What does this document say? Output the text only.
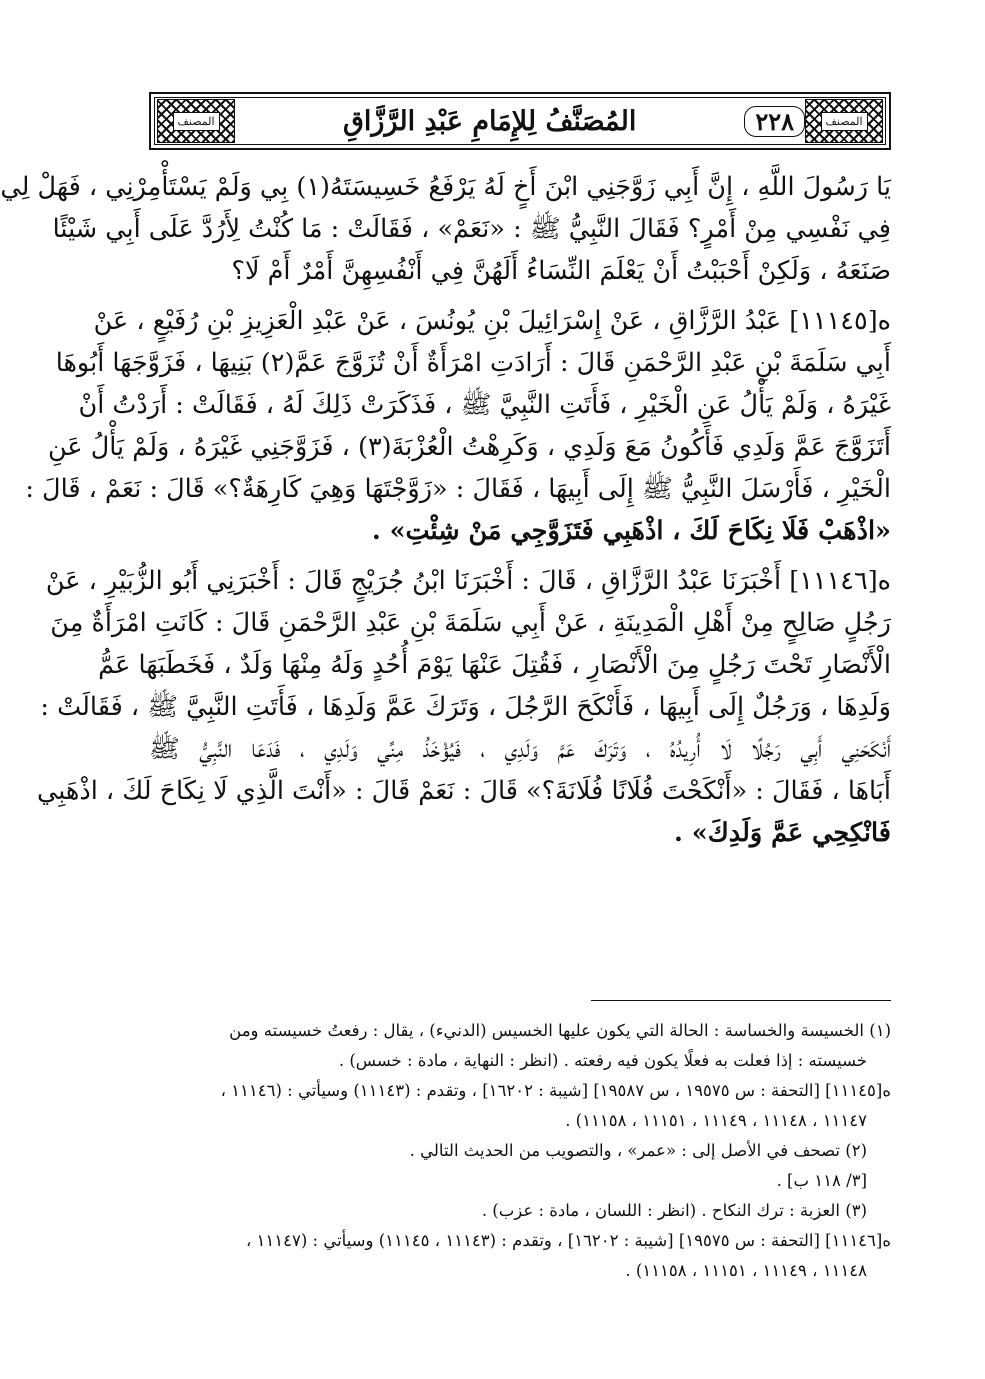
المصنف
٢٢٨
المُصَنَّفُ لِلإِمَامِ عَبْدِ الرَّزَّاقِ
المصنف
يَا رَسُولَ اللَّهِ ، إِنَّ أَبِي زَوَّجَنِي ابْنَ أَخٍ لَهُ يَرْفَعُ خَسِيسَتَهُ(١) بِي وَلَمْ يَسْتَأْمِرْنِي ، فَهَلْ لِي
فِي نَفْسِي مِنْ أَمْرٍ؟ فَقَالَ النَّبِيُّ ﷺ : «نَعَمْ» ، فَقَالَتْ : مَا كُنْتُ لِأَرُدَّ عَلَى أَبِي شَيْئًا
صَنَعَهُ ، وَلَكِنْ أَحْبَبْتُ أَنْ يَعْلَمَ النِّسَاءُ أَلَهُنَّ فِي أَنْفُسِهِنَّ أَمْرٌ أَمْ لَا؟
ه[١١١٤٥] عَبْدُ الرَّزَّاقِ ، عَنْ إِسْرَائِيلَ بْنِ يُونُسَ ، عَنْ عَبْدِ الْعَزِيزِ بْنِ رُفَيْعٍ ، عَنْ
أَبِي سَلَمَةَ بْنِ عَبْدِ الرَّحْمَنِ قَالَ : أَرَادَتِ امْرَأَةٌ أَنْ تُزَوَّجَ عَمَّ(٢) بَنِيهَا ، فَزَوَّجَهَا أَبُوهَا
غَيْرَهُ ، وَلَمْ يَأْلُ عَنِ الْخَيْرِ ، فَأَتَتِ النَّبِيَّ ﷺ ، فَذَكَرَتْ ذَلِكَ لَهُ ، فَقَالَتْ : أَرَدْتُ أَنْ
أَتَزَوَّجَ عَمَّ وَلَدِي فَأَكُونُ مَعَ وَلَدِي ، وَكَرِهْتُ الْعُزْبَةَ(٣) ، فَزَوَّجَنِي غَيْرَهُ ، وَلَمْ يَأْلُ عَنِ
الْخَيْرِ ، فَأَرْسَلَ النَّبِيُّ ﷺ إِلَى أَبِيهَا ، فَقَالَ : «زَوَّجْتَهَا وَهِيَ كَارِهَةٌ؟» قَالَ : نَعَمْ ، قَالَ :
«اذْهَبْ فَلَا نِكَاحَ لَكَ ، اذْهَبِي فَتَزَوَّجِي مَنْ شِئْتِ» .
ه[١١١٤٦] أَخْبَرَنَا عَبْدُ الرَّزَّاقِ ، قَالَ : أَخْبَرَنَا ابْنُ جُرَيْجٍ قَالَ : أَخْبَرَنِي أَبُو الزُّبَيْرِ ، عَنْ
رَجُلٍ صَالِحٍ مِنْ أَهْلِ الْمَدِينَةِ ، عَنْ أَبِي سَلَمَةَ بْنِ عَبْدِ الرَّحْمَنِ قَالَ : كَانَتِ امْرَأَةٌ مِنَ
الْأَنْصَارِ تَحْتَ رَجُلٍ مِنَ الْأَنْصَارِ ، فَقُتِلَ عَنْهَا يَوْمَ أُحُدٍ وَلَهُ مِنْهَا وَلَدٌ ، فَخَطَبَهَا عَمُّ
وَلَدِهَا ، وَرَجُلٌ إِلَى أَبِيهَا ، فَأَنْكَحَ الرَّجُلَ ، وَتَرَكَ عَمَّ وَلَدِهَا ، فَأَتَتِ النَّبِيَّ ﷺ ، فَقَالَتْ :
أَنْكَحَنِي أَبِي رَجُلًا لَا أُرِيدُهُ ، وَتَرَكَ عَمَّ وَلَدِي ، فَيُؤْخَذُ مِنِّي وَلَدِي ، فَدَعَا النَّبِيُّ ﷺ
أَبَاهَا ، فَقَالَ : «أَنْكَحْتَ فُلَانًا فُلَانَةَ؟» قَالَ : نَعَمْ قَالَ : «أَنْتَ الَّذِي لَا نِكَاحَ لَكَ ، اذْهَبِي
فَانْكِحِي عَمَّ وَلَدِكَ» .
(١) الخسيسة والخساسة : الحالة التي يكون عليها الخسيس (الدنيء) ، يقال : رفعتُ خسيسته ومن
خسيسته : إذا فعلت به فعلًا يكون فيه رفعته . (انظر : النهاية ، مادة : خسس) .
ه[١١١٤٥] [التحفة : س ١٩٥٧٥ ، س ١٩٥٨٧] [شيبة : ١٦٢٠٢] ، وتقدم : (١١١٤٣) وسيأتي : (١١١٤٦ ،
١١١٤٧ ، ١١١٤٨ ، ١١١٤٩ ، ١١١٥١ ، ١١١٥٨) .
(٢) تصحف في الأصل إلى : «عمر» ، والتصويب من الحديث التالي .
[٣/ ١١٨ ب] .
(٣) العزبة : ترك النكاح . (انظر : اللسان ، مادة : عزب) .
ه[١١١٤٦] [التحفة : س ١٩٥٧٥] [شيبة : ١٦٢٠٢] ، وتقدم : (١١١٤٣ ، ١١١٤٥) وسيأتي : (١١١٤٧ ،
١١١٤٨ ، ١١١٤٩ ، ١١١٥١ ، ١١١٥٨) .
